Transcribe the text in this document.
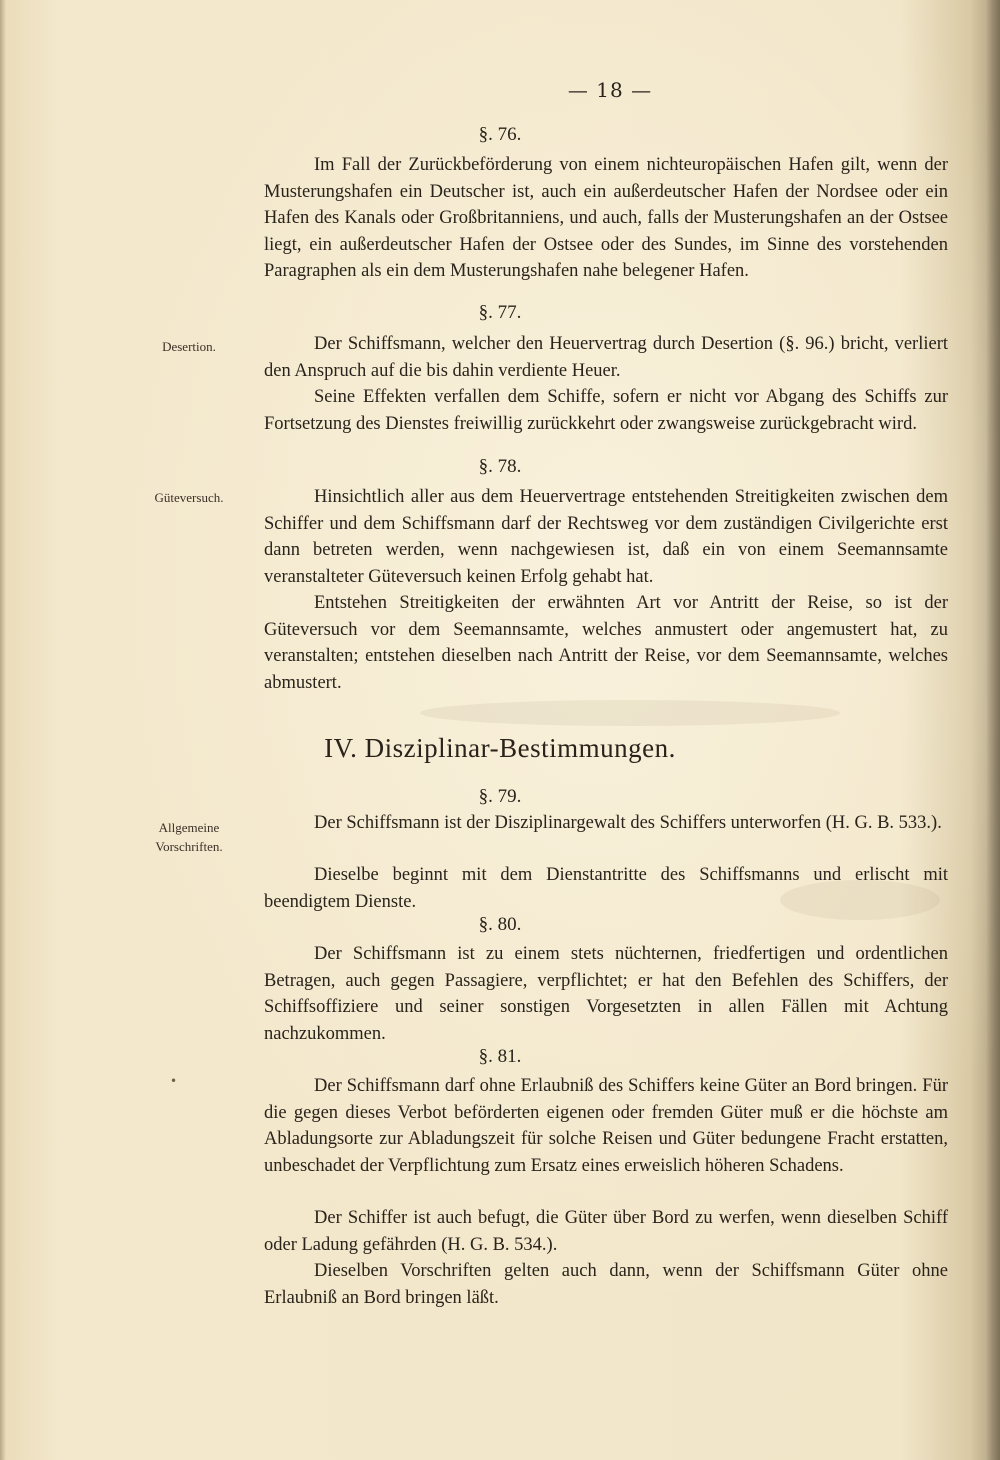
— 18 —
§. 76.

Im Fall der Zurückbeförderung von einem nichteuropäischen Hafen gilt, wenn der Musterungshafen ein Deutscher ist, auch ein außerdeutscher Hafen der Nordsee oder ein Hafen des Kanals oder Großbritanniens, und auch, falls der Musterungshafen an der Ostsee liegt, ein außerdeutscher Hafen der Ostsee oder des Sundes, im Sinne des vorstehenden Paragraphen als ein dem Musterungshafen nahe belegener Hafen.

§. 77.
Desertion.	Der Schiffsmann, welcher den Heuervertrag durch Desertion (§. 96.) bricht, verliert den Anspruch auf die bis dahin verdiente Heuer.

Seine Effekten verfallen dem Schiffe, sofern er nicht vor Abgang des Schiffs zur Fortsetzung des Dienstes freiwillig zurückkehrt oder zwangsweise zurückgebracht wird.

§. 78.
Güteversuch.	Hinsichtlich aller aus dem Heuervertrage entstehenden Streitigkeiten zwischen dem Schiffer und dem Schiffsmann darf der Rechtsweg vor dem zuständigen Civilgerichte erst dann betreten werden, wenn nachgewiesen ist, daß ein von einem Seemannsamte veranstalteter Güteversuch keinen Erfolg gehabt hat.

Entstehen Streitigkeiten der erwähnten Art vor Antritt der Reise, so ist der Güteversuch vor dem Seemannsamte, welches anmustert oder angemustert hat, zu veranstalten; entstehen dieselben nach Antritt der Reise, vor dem Seemannsamte, welches abmustert.

IV. Disziplinar-Bestimmungen.
§. 79.
Allgemeine
Vorschriften.

Der Schiffsmann ist der Disziplinargewalt des Schiffers unterworfen (H. G. B. 533.).

Dieselbe beginnt mit dem Dienstantritte des Schiffsmanns und erlischt mit beendigtem Dienste.

§. 80.

Der Schiffsmann ist zu einem stets nüchternen, friedfertigen und ordentlichen Betragen, auch gegen Passagiere, verpflichtet; er hat den Befehlen des Schiffers, der Schiffsoffiziere und seiner sonstigen Vorgesetzten in allen Fällen mit Achtung nachzukommen.

§. 81.
•	Der Schiffsmann darf ohne Erlaubniß des Schiffers keine Güter an Bord bringen. Für die gegen dieses Verbot beförderten eigenen oder fremden Güter muß er die höchste am Abladungsorte zur Abladungszeit für solche Reisen und Güter bedungene Fracht erstatten, unbeschadet der Verpflichtung zum Ersatz eines erweislich höheren Schadens.

Der Schiffer ist auch befugt, die Güter über Bord zu werfen, wenn dieselben Schiff oder Ladung gefährden (H. G. B. 534.).

Dieselben Vorschriften gelten auch dann, wenn der Schiffsmann Güter ohne Erlaubniß an Bord bringen läßt.
